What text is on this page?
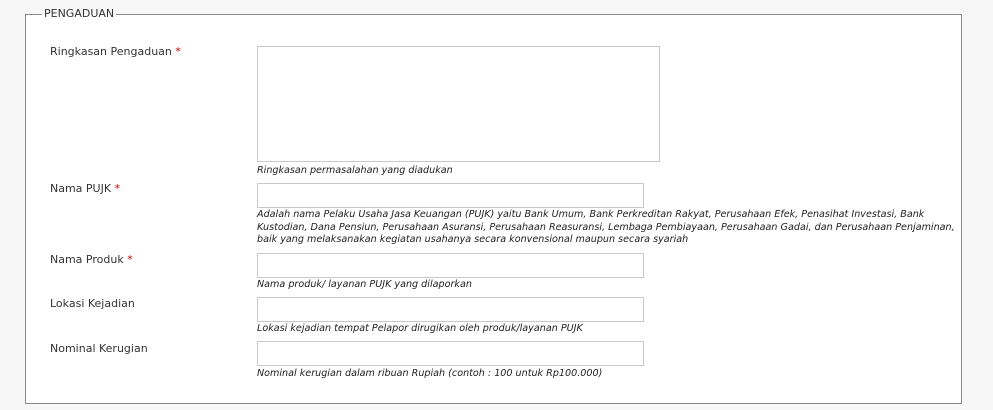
PENGADUAN
Ringkasan Pengaduan *
Ringkasan permasalahan yang diadukan
Nama PUJK *
Adalah nama Pelaku Usaha Jasa Keuangan (PUJK) yaitu Bank Umum, Bank Perkreditan Rakyat, Perusahaan Efek, Penasihat Investasi, Bank Kustodian, Dana Pensiun, Perusahaan Asuransi, Perusahaan Reasuransi, Lembaga Pembiayaan, Perusahaan Gadai, dan Perusahaan Penjaminan, baik yang melaksanakan kegiatan usahanya secara konvensional maupun secara syariah
Nama Produk *
Nama produk/ layanan PUJK yang dilaporkan
Lokasi Kejadian
Lokasi kejadian tempat Pelapor dirugikan oleh produk/layanan PUJK
Nominal Kerugian
Nominal kerugian dalam ribuan Rupiah (contoh : 100 untuk Rp100.000)
